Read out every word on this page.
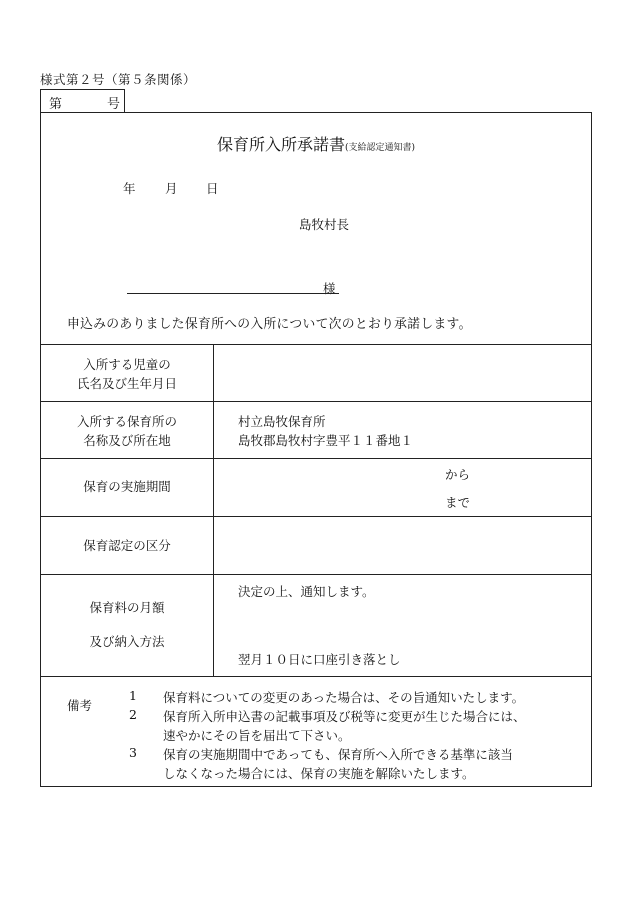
様式第２号（第５条関係）
第	号
保育所入所承諾書(支給認定通知書)
年 月 日
島牧村長
様
申込みのありました保育所への入所について次のとおり承諾します。
入所する児童の
氏名及び生年月日
入所する保育所の
名称及び所在地
村立島牧保育所
島牧郡島牧村字豊平１１番地１
保育の実施期間
から
まで
保育認定の区分
保育料の月額
及び納入方法
決定の上、通知します。
翌月１０日に口座引き落とし
備考
1 保育料についての変更のあった場合は、その旨通知いたします。
2 保育所入所申込書の記載事項及び税等に変更が生じた場合には、
速やかにその旨を届出て下さい。
3 保育の実施期間中であっても、保育所へ入所できる基準に該当
しなくなった場合には、保育の実施を解除いたします。
